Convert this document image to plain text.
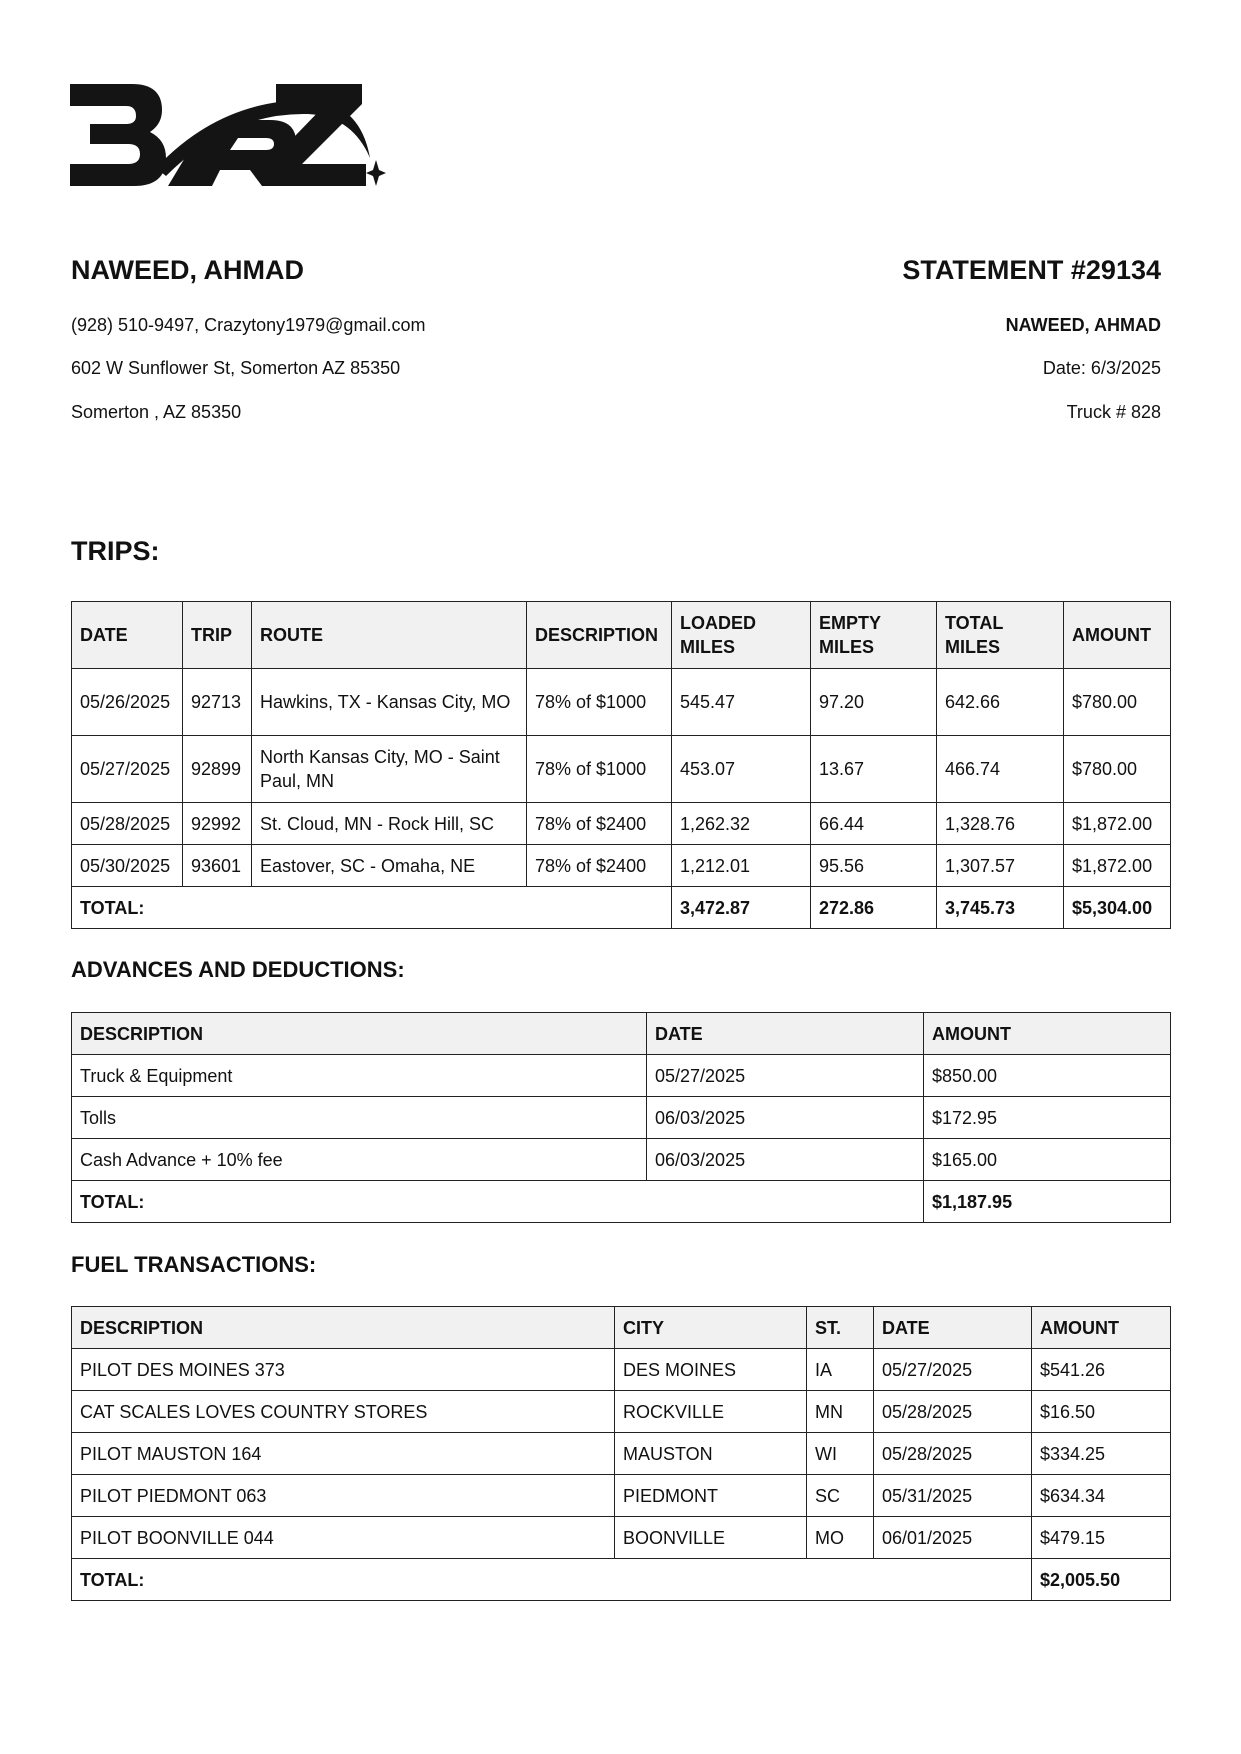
NAWEED, AHMAD
(928) 510-9497, Crazytony1979@gmail.com
602 W Sunflower St, Somerton AZ 85350
Somerton , AZ 85350
STATEMENT #29134
NAWEED, AHMAD
Date: 6/3/2025
Truck # 828
TRIPS:
DATE	TRIP	ROUTE	DESCRIPTION	LOADED MILES	EMPTY MILES	TOTAL MILES	AMOUNT
05/26/2025	92713	Hawkins, TX - Kansas City, MO	78% of $1000	545.47	97.20	642.66	$780.00
05/27/2025	92899	North Kansas City, MO - Saint Paul, MN	78% of $1000	453.07	13.67	466.74	$780.00
05/28/2025	92992	St. Cloud, MN - Rock Hill, SC	78% of $2400	1,262.32	66.44	1,328.76	$1,872.00
05/30/2025	93601	Eastover, SC - Omaha, NE	78% of $2400	1,212.01	95.56	1,307.57	$1,872.00
TOTAL:				3,472.87	272.86	3,745.73	$5,304.00
ADVANCES AND DEDUCTIONS:
DESCRIPTION	DATE	AMOUNT
Truck & Equipment	05/27/2025	$850.00
Tolls	06/03/2025	$172.95
Cash Advance + 10% fee	06/03/2025	$165.00
TOTAL:		$1,187.95
FUEL TRANSACTIONS:
DESCRIPTION	CITY	ST.	DATE	AMOUNT
PILOT DES MOINES 373	DES MOINES	IA	05/27/2025	$541.26
CAT SCALES LOVES COUNTRY STORES	ROCKVILLE	MN	05/28/2025	$16.50
PILOT MAUSTON 164	MAUSTON	WI	05/28/2025	$334.25
PILOT PIEDMONT 063	PIEDMONT	SC	05/31/2025	$634.34
PILOT BOONVILLE 044	BOONVILLE	MO	06/01/2025	$479.15
TOTAL:				$2,005.50
